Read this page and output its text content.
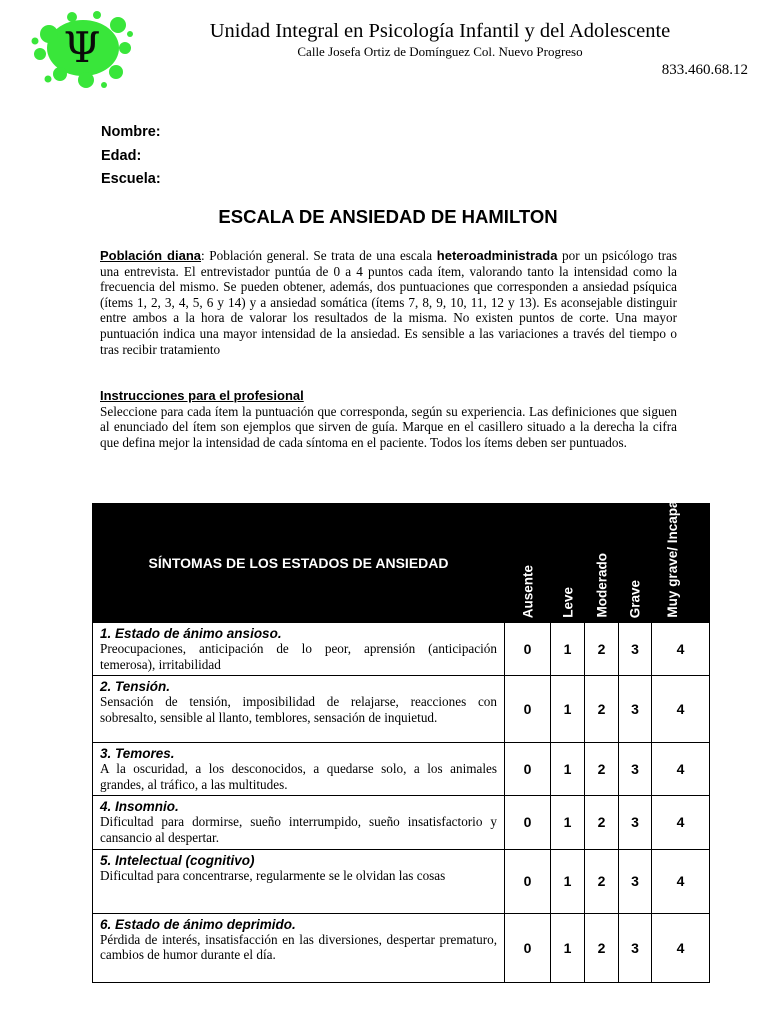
Ψ	Unidad Integral en Psicología Infantil y del Adolescente
Calle Josefa Ortiz de Domínguez Col. Nuevo Progreso
833.460.68.12
Nombre:
Edad:
Escuela:
ESCALA DE ANSIEDAD DE HAMILTON
Población diana: Población general. Se trata de una escala heteroadministrada por un psicólogo tras una entrevista. El entrevistador puntúa de 0 a 4 puntos cada ítem, valorando tanto la intensidad como la frecuencia del mismo. Se pueden obtener, además, dos puntuaciones que corresponden a ansiedad psíquica (ítems 1, 2, 3, 4, 5, 6 y 14) y a ansiedad somática (ítems 7, 8, 9, 10, 11, 12 y 13). Es aconsejable distinguir entre ambos a la hora de valorar los resultados de la misma. No existen puntos de corte. Una mayor puntuación indica una mayor intensidad de la ansiedad. Es sensible a las variaciones a través del tiempo o tras recibir tratamiento
Instrucciones para el profesional
Seleccione para cada ítem la puntuación que corresponda, según su experiencia. Las definiciones que siguen al enunciado del ítem son ejemplos que sirven de guía. Marque en el casillero situado a la derecha la cifra que defina mejor la intensidad de cada síntoma en el paciente. Todos los ítems deben ser puntuados.
SÍNTOMAS DE LOS ESTADOS DE ANSIEDAD	Ausente	Leve	Moderado	Grave	Muy grave/ Incapacitante

1. Estado de ánimo ansioso.
Preocupaciones, anticipación de lo peor, aprensión (anticipación temerosa), irritabilidad	0	1	2	3	4

2. Tensión.
Sensación de tensión, imposibilidad de relajarse, reacciones con sobresalto, sensible al llanto, temblores, sensación de inquietud.	0	1	2	3	4

3. Temores.
A la oscuridad, a los desconocidos, a quedarse solo, a los animales grandes, al tráfico, a las multitudes.	0	1	2	3	4

4. Insomnio.
Dificultad para dormirse, sueño interrumpido, sueño insatisfactorio y cansancio al despertar.	0	1	2	3	4

5. Intelectual (cognitivo)
Dificultad para concentrarse, regularmente se le olvidan las cosas	0	1	2	3	4

6. Estado de ánimo deprimido.
Pérdida de interés, insatisfacción en las diversiones, despertar prematuro, cambios de humor durante el día.	0	1	2	3	4
